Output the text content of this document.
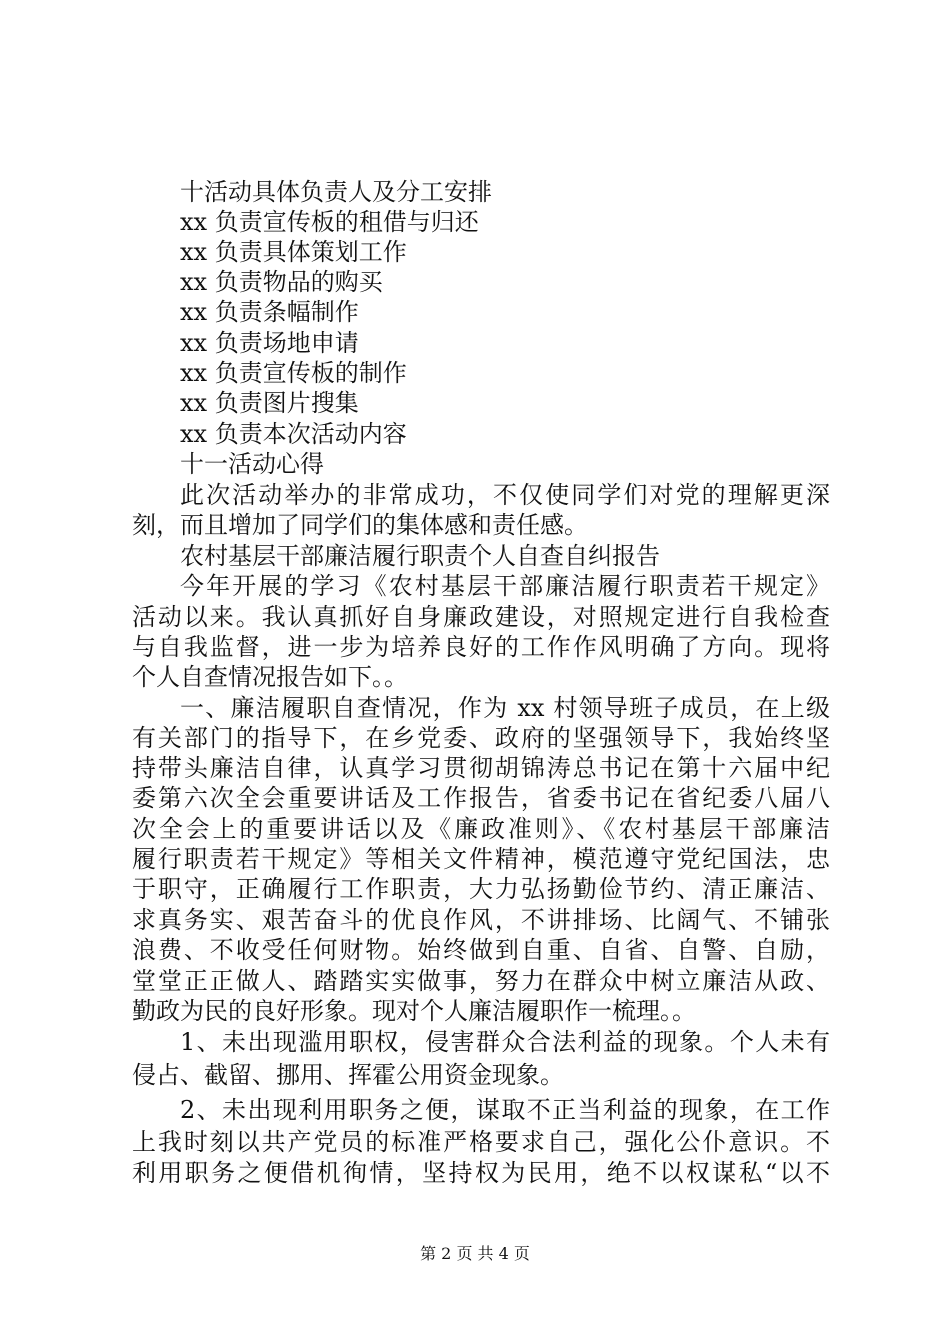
十活动具体负责人及分工安排

xx 负责宣传板的租借与归还

xx 负责具体策划工作

xx 负责物品的购买

xx 负责条幅制作

xx 负责场地申请

xx 负责宣传板的制作

xx 负责图片搜集

xx 负责本次活动内容

十一活动心得

此次活动举办的非常成功，不仅使同学们对党的理解更深

刻，而且增加了同学们的集体感和责任感。

农村基层干部廉洁履行职责个人自查自纠报告

今年开展的学习《农村基层干部廉洁履行职责若干规定》

活动以来。我认真抓好自身廉政建设，对照规定进行自我检查

与自我监督，进一步为培养良好的工作作风明确了方向。现将

个人自查情况报告如下。。

一、廉洁履职自查情况，作为 xx 村领导班子成员，在上级

有关部门的指导下，在乡党委、政府的坚强领导下，我始终坚

持带头廉洁自律，认真学习贯彻胡锦涛总书记在第十六届中纪

委第六次全会重要讲话及工作报告，省委书记在省纪委八届八

次全会上的重要讲话以及《廉政准则》、《农村基层干部廉洁

履行职责若干规定》等相关文件精神，模范遵守党纪国法，忠

于职守，正确履行工作职责，大力弘扬勤俭节约、清正廉洁、

求真务实、艰苦奋斗的优良作风，不讲排场、比阔气、不铺张

浪费、不收受任何财物。始终做到自重、自省、自警、自励，

堂堂正正做人、踏踏实实做事，努力在群众中树立廉洁从政、

勤政为民的良好形象。现对个人廉洁履职作一梳理。。

1、未出现滥用职权，侵害群众合法利益的现象。个人未有

侵占、截留、挪用、挥霍公用资金现象。

2、未出现利用职务之便，谋取不正当利益的现象，在工作

上我时刻以共产党员的标准严格要求自己，强化公仆意识。不

利用职务之便借机徇情，坚持权为民用，绝不以权谋私“以不

第 2 页 共 4 页
